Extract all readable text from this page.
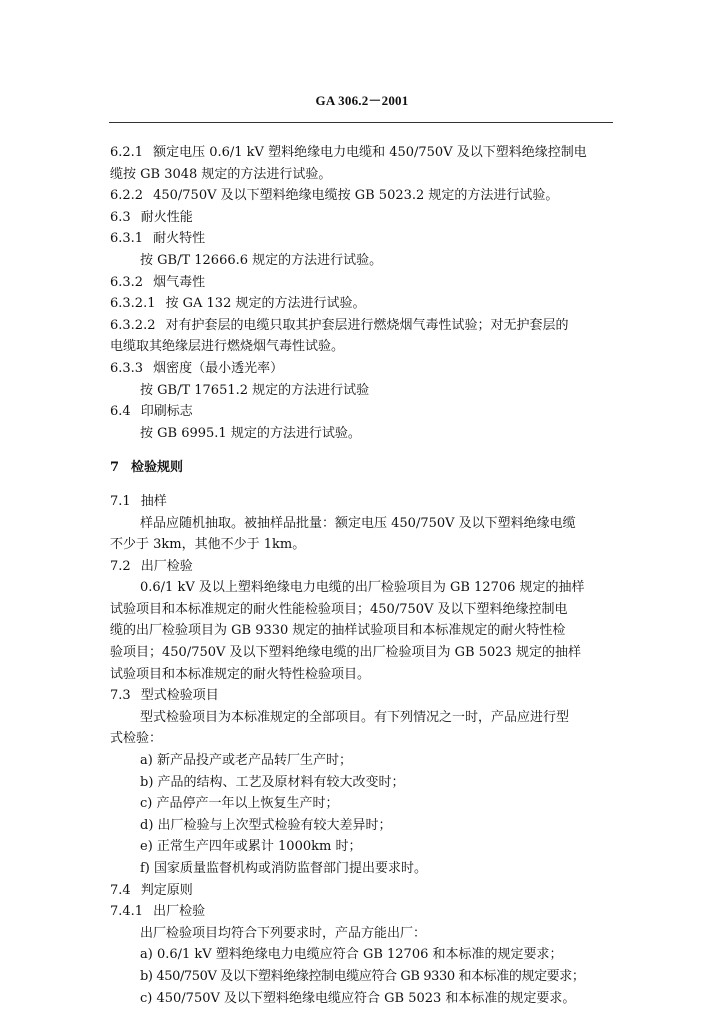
GA 306.2－2001
6.2.1 额定电压 0.6/1 kV 塑料绝缘电力电缆和 450/750V 及以下塑料绝缘控制电
缆按 GB 3048 规定的方法进行试验。
6.2.2 450/750V 及以下塑料绝缘电缆按 GB 5023.2 规定的方法进行试验。
6.3 耐火性能
6.3.1 耐火特性
按 GB/T 12666.6 规定的方法进行试验。
6.3.2 烟气毒性
6.3.2.1 按 GA 132 规定的方法进行试验。
6.3.2.2 对有护套层的电缆只取其护套层进行燃烧烟气毒性试验；对无护套层的
电缆取其绝缘层进行燃烧烟气毒性试验。
6.3.3 烟密度（最小透光率）
按 GB/T 17651.2 规定的方法进行试验
6.4 印刷标志
按 GB 6995.1 规定的方法进行试验。
7 检验规则
7.1 抽样
样品应随机抽取。被抽样品批量：额定电压 450/750V 及以下塑料绝缘电缆
不少于 3km，其他不少于 1km。
7.2 出厂检验
0.6/1 kV 及以上塑料绝缘电力电缆的出厂检验项目为 GB 12706 规定的抽样
试验项目和本标准规定的耐火性能检验项目；450/750V 及以下塑料绝缘控制电
缆的出厂检验项目为 GB 9330 规定的抽样试验项目和本标准规定的耐火特性检
验项目；450/750V 及以下塑料绝缘电缆的出厂检验项目为 GB 5023 规定的抽样
试验项目和本标准规定的耐火特性检验项目。
7.3 型式检验项目
型式检验项目为本标准规定的全部项目。有下列情况之一时，产品应进行型
式检验：
a) 新产品投产或老产品转厂生产时；
b) 产品的结构、工艺及原材料有较大改变时；
c) 产品停产一年以上恢复生产时；
d) 出厂检验与上次型式检验有较大差异时；
e) 正常生产四年或累计 1000km 时；
f) 国家质量监督机构或消防监督部门提出要求时。
7.4 判定原则
7.4.1 出厂检验
出厂检验项目均符合下列要求时，产品方能出厂：
a) 0.6/1 kV 塑料绝缘电力电缆应符合 GB 12706 和本标准的规定要求；
b) 450/750V 及以下塑料绝缘控制电缆应符合 GB 9330 和本标准的规定要求；
c) 450/750V 及以下塑料绝缘电缆应符合 GB 5023 和本标准的规定要求。
